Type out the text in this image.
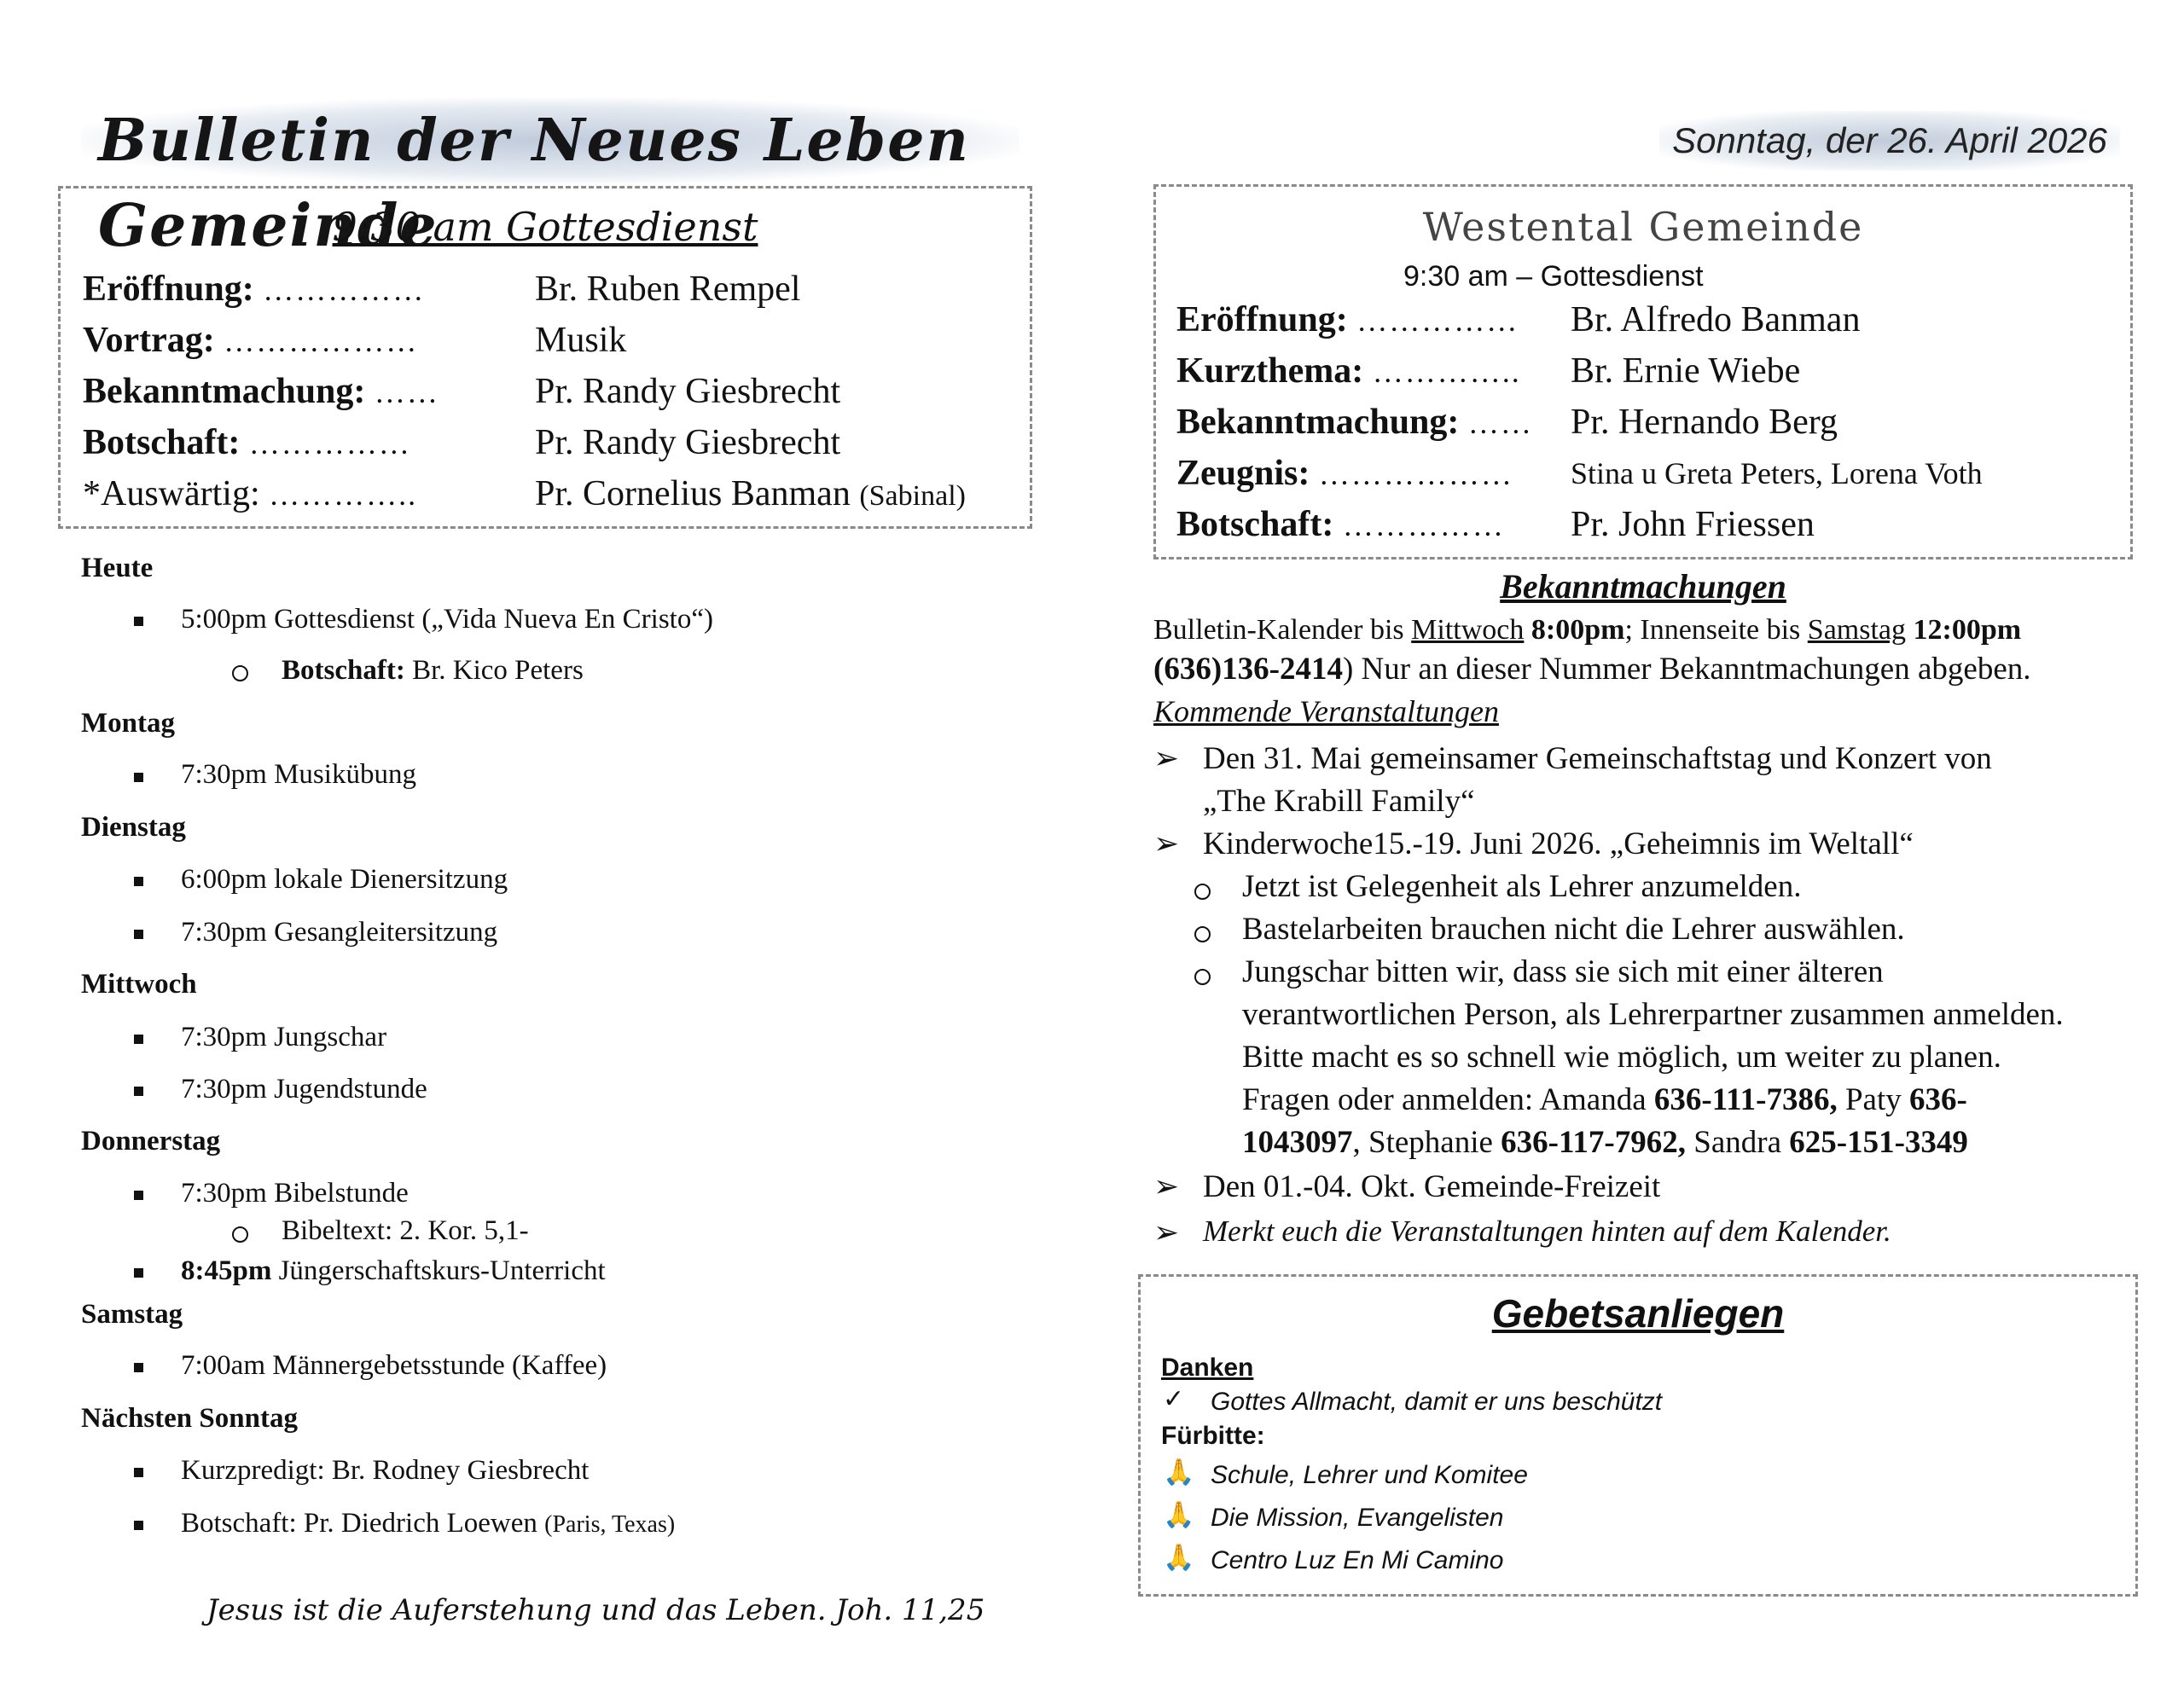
Bulletin der Neues Leben Gemeinde
Sonntag, der 26. April 2026
9:30 am Gottesdienst
Eröffnung: ……………	Br. Ruben Rempel
Vortrag: ………………	Musik
Bekanntmachung: ……	Pr. Randy Giesbrecht
Botschaft: ……………	Pr. Randy Giesbrecht
*Auswärtig: …………..	Pr. Cornelius Banman (Sabinal)
Heute
5:00pm Gottesdienst („Vida Nueva En Cristo“)
Botschaft: Br. Kico Peters
Montag
7:30pm Musikübung
Dienstag
6:00pm lokale Dienersitzung
7:30pm Gesangleitersitzung
Mittwoch
7:30pm Jungschar
7:30pm Jugendstunde
Donnerstag
7:30pm Bibelstunde
Bibeltext: 2. Kor. 5,1-
8:45pm Jüngerschaftskurs-Unterricht
Samstag
7:00am Männergebetsstunde (Kaffee)
Nächsten Sonntag
Kurzpredigt: Br. Rodney Giesbrecht
Botschaft: Pr. Diedrich Loewen (Paris, Texas)
Jesus ist die Auferstehung und das Leben. Joh. 11,25
Westental Gemeinde
9:30 am – Gottesdienst
Eröffnung: …………… Br. Alfredo Banman
Kurzthema: ………….. Br. Ernie Wiebe
Bekanntmachung: …… Pr. Hernando Berg
Zeugnis: ……………… Stina u Greta Peters, Lorena Voth
Botschaft: …………… Pr. John Friessen
Bekanntmachungen
Bulletin-Kalender bis Mittwoch 8:00pm; Innenseite bis Samstag 12:00pm
(636)136-2414) Nur an dieser Nummer Bekanntmachungen abgeben.
Kommende Veranstaltungen
➢ Den 31. Mai gemeinsamer Gemeinschaftstag und Konzert von
„The Krabill Family“
➢ Kinderwoche15.-19. Juni 2026. „Geheimnis im Weltall“
Jetzt ist Gelegenheit als Lehrer anzumelden.
Bastelarbeiten brauchen nicht die Lehrer auswählen.
Jungschar bitten wir, dass sie sich mit einer älteren
verantwortlichen Person, als Lehrerpartner zusammen anmelden.
Bitte macht es so schnell wie möglich, um weiter zu planen.
Fragen oder anmelden: Amanda 636-111-7386, Paty 636-
1043097, Stephanie 636-117-7962, Sandra 625-151-3349
➢ Den 01.-04. Okt. Gemeinde-Freizeit
➢ Merkt euch die Veranstaltungen hinten auf dem Kalender.
Gebetsanliegen
Danken
✓ Gottes Allmacht, damit er uns beschützt
Fürbitte:
🙏 Schule, Lehrer und Komitee
🙏 Die Mission, Evangelisten
🙏 Centro Luz En Mi Camino
